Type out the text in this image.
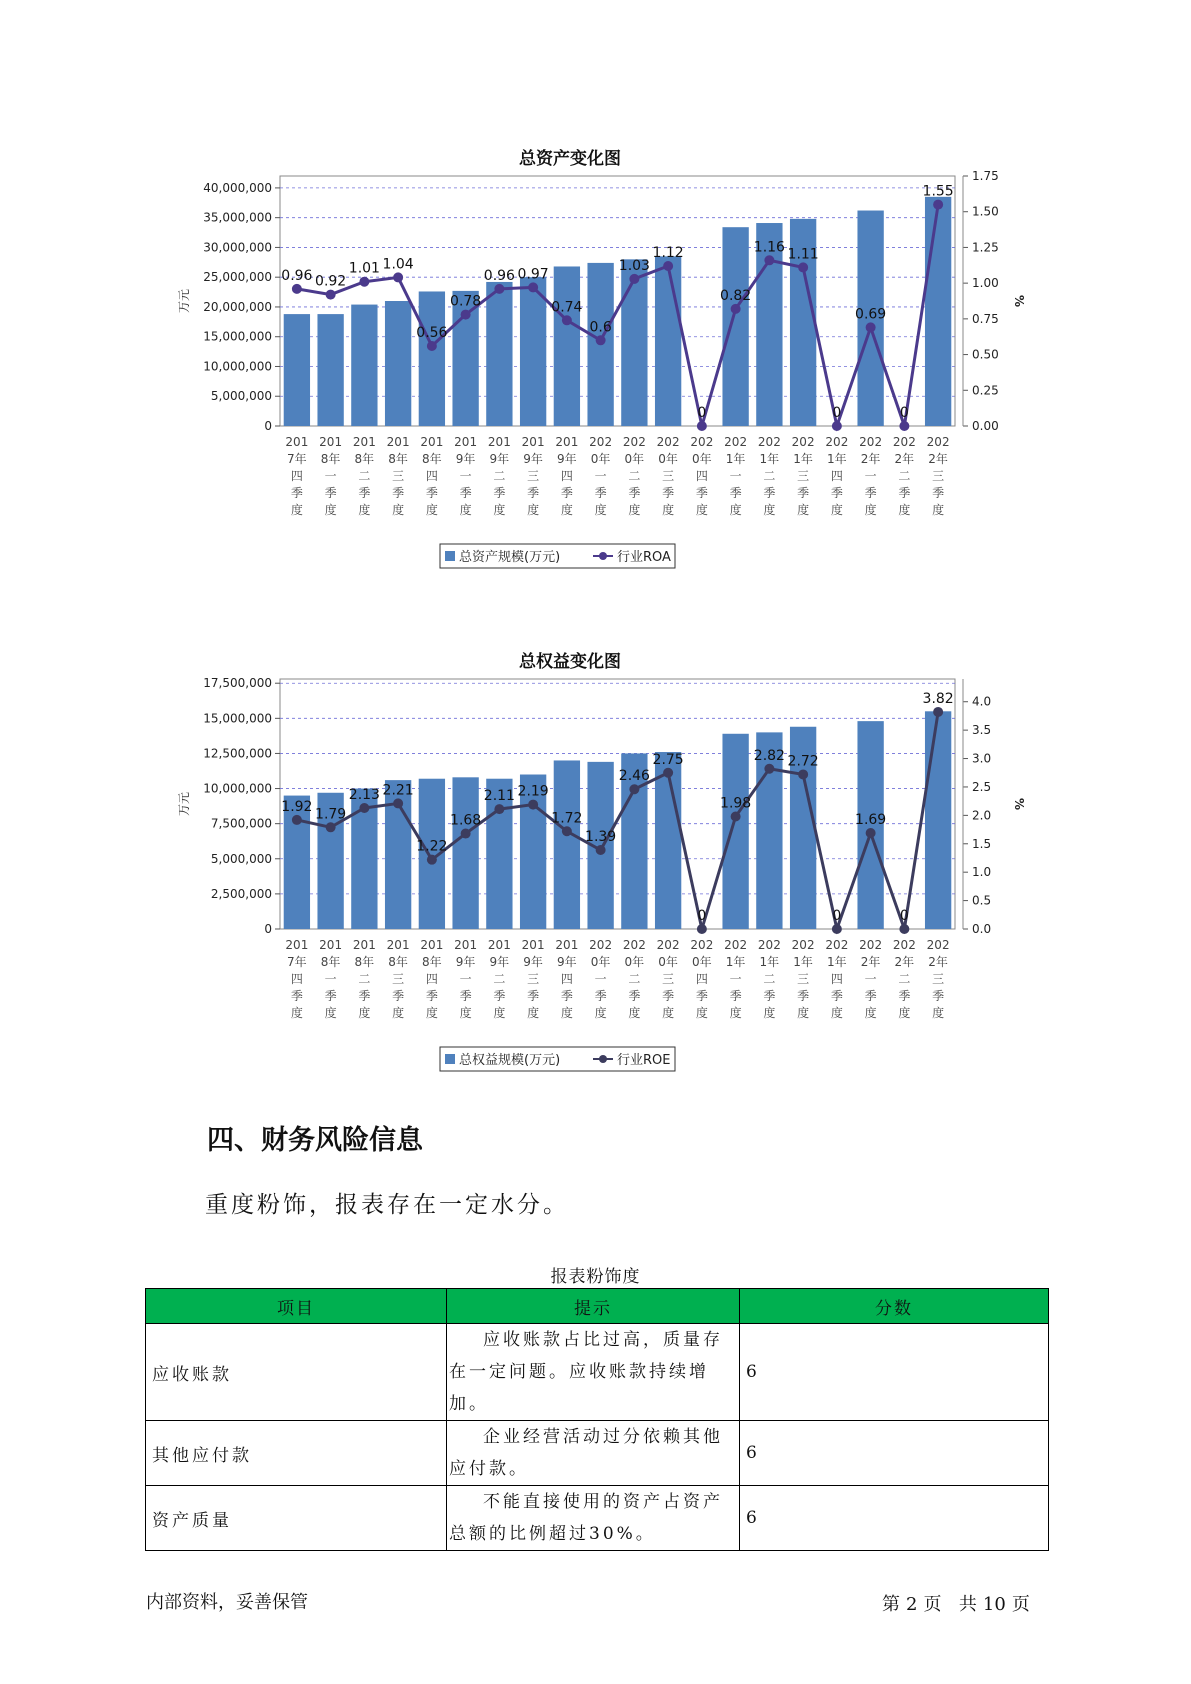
总资产变化图
0
5,000,000
10,000,000
15,000,000
20,000,000
25,000,000
30,000,000
35,000,000
40,000,000
0.00
0.25
0.50
0.75
1.00
1.25
1.50
1.75
万元	%
201 7年四季度
201 8年一季度
201 8年二季度
201 8年三季度
201 8年四季度
201 9年一季度
201 9年二季度
201 9年三季度
201 9年四季度
202 0年一季度
202 0年二季度
202 0年三季度
202 0年四季度
202 1年一季度
202 1年二季度
202 1年三季度
202 1年四季度
202 2年一季度
202 2年二季度
202 2年三季度
0.96 0.92
1.01 1.04
0.56
0.78
0.96 0.97
0.74
0.6
1.03
1.12
0
0.82
1.16 1.11
0
0.69
0
1.55
总资产规模(万元)	行业ROA
总权益变化图
0
2,500,000
5,000,000
7,500,000
10,000,000
12,500,000
15,000,000
17,500,000
0.0
0.5
1.0
1.5
2.0
2.5
3.0
3.5
4.0
万元	%
201 7年四季度
201 8年一季度
201 8年二季度
201 8年三季度
201 8年四季度
201 9年一季度
201 9年二季度
201 9年三季度
201 9年四季度
202 0年一季度
202 0年二季度
202 0年三季度
202 0年四季度
202 1年一季度
202 1年二季度
202 1年三季度
202 1年四季度
202 2年一季度
202 2年二季度
202 2年三季度
1.92 1.79
2.13 2.21
1.22
1.68
2.11 2.19
1.72
1.39
2.46
2.75
0
1.98
2.82 2.72
0
1.69
0
3.82
总权益规模(万元)	行业ROE
四、财务风险信息
重度粉饰，报表存在一定水分。
报表粉饰度
项目	提示	分数
应收账款	应收账款占比过高，质量存在一定问题。应收账款持续增加。	6
其他应付款	企业经营活动过分依赖其他应付款。	6
资产质量	不能直接使用的资产占资产总额的比例超过30%。	6
内部资料，妥善保管	第 2 页 共 10 页
